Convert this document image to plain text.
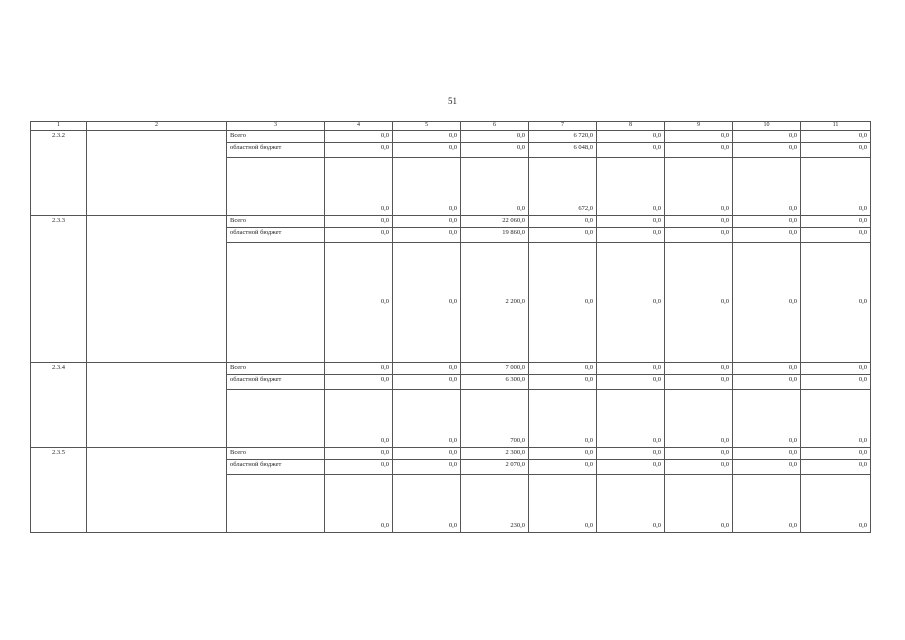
51
1	2	3	4	5	6	7	8	9	10	11
2.3.2		Всего	0,0	0,0	0,0	6 720,0	0,0	0,0	0,0	0,0
		областной бюджет	0,0	0,0	0,0	6 048,0	0,0	0,0	0,0	0,0
			0,0	0,0	0,0	672,0	0,0	0,0	0,0	0,0
2.3.3		Всего	0,0	0,0	22 060,0	0,0	0,0	0,0	0,0	0,0
		областной бюджет	0,0	0,0	19 860,0	0,0	0,0	0,0	0,0	0,0
			0,0	0,0	2 200,0	0,0	0,0	0,0	0,0	0,0
2.3.4		Всего	0,0	0,0	7 000,0	0,0	0,0	0,0	0,0	0,0
		областной бюджет	0,0	0,0	6 300,0	0,0	0,0	0,0	0,0	0,0
			0,0	0,0	700,0	0,0	0,0	0,0	0,0	0,0
2.3.5		Всего	0,0	0,0	2 300,0	0,0	0,0	0,0	0,0	0,0
		областной бюджет	0,0	0,0	2 070,0	0,0	0,0	0,0	0,0	0,0
			0,0	0,0	230,0	0,0	0,0	0,0	0,0	0,0
